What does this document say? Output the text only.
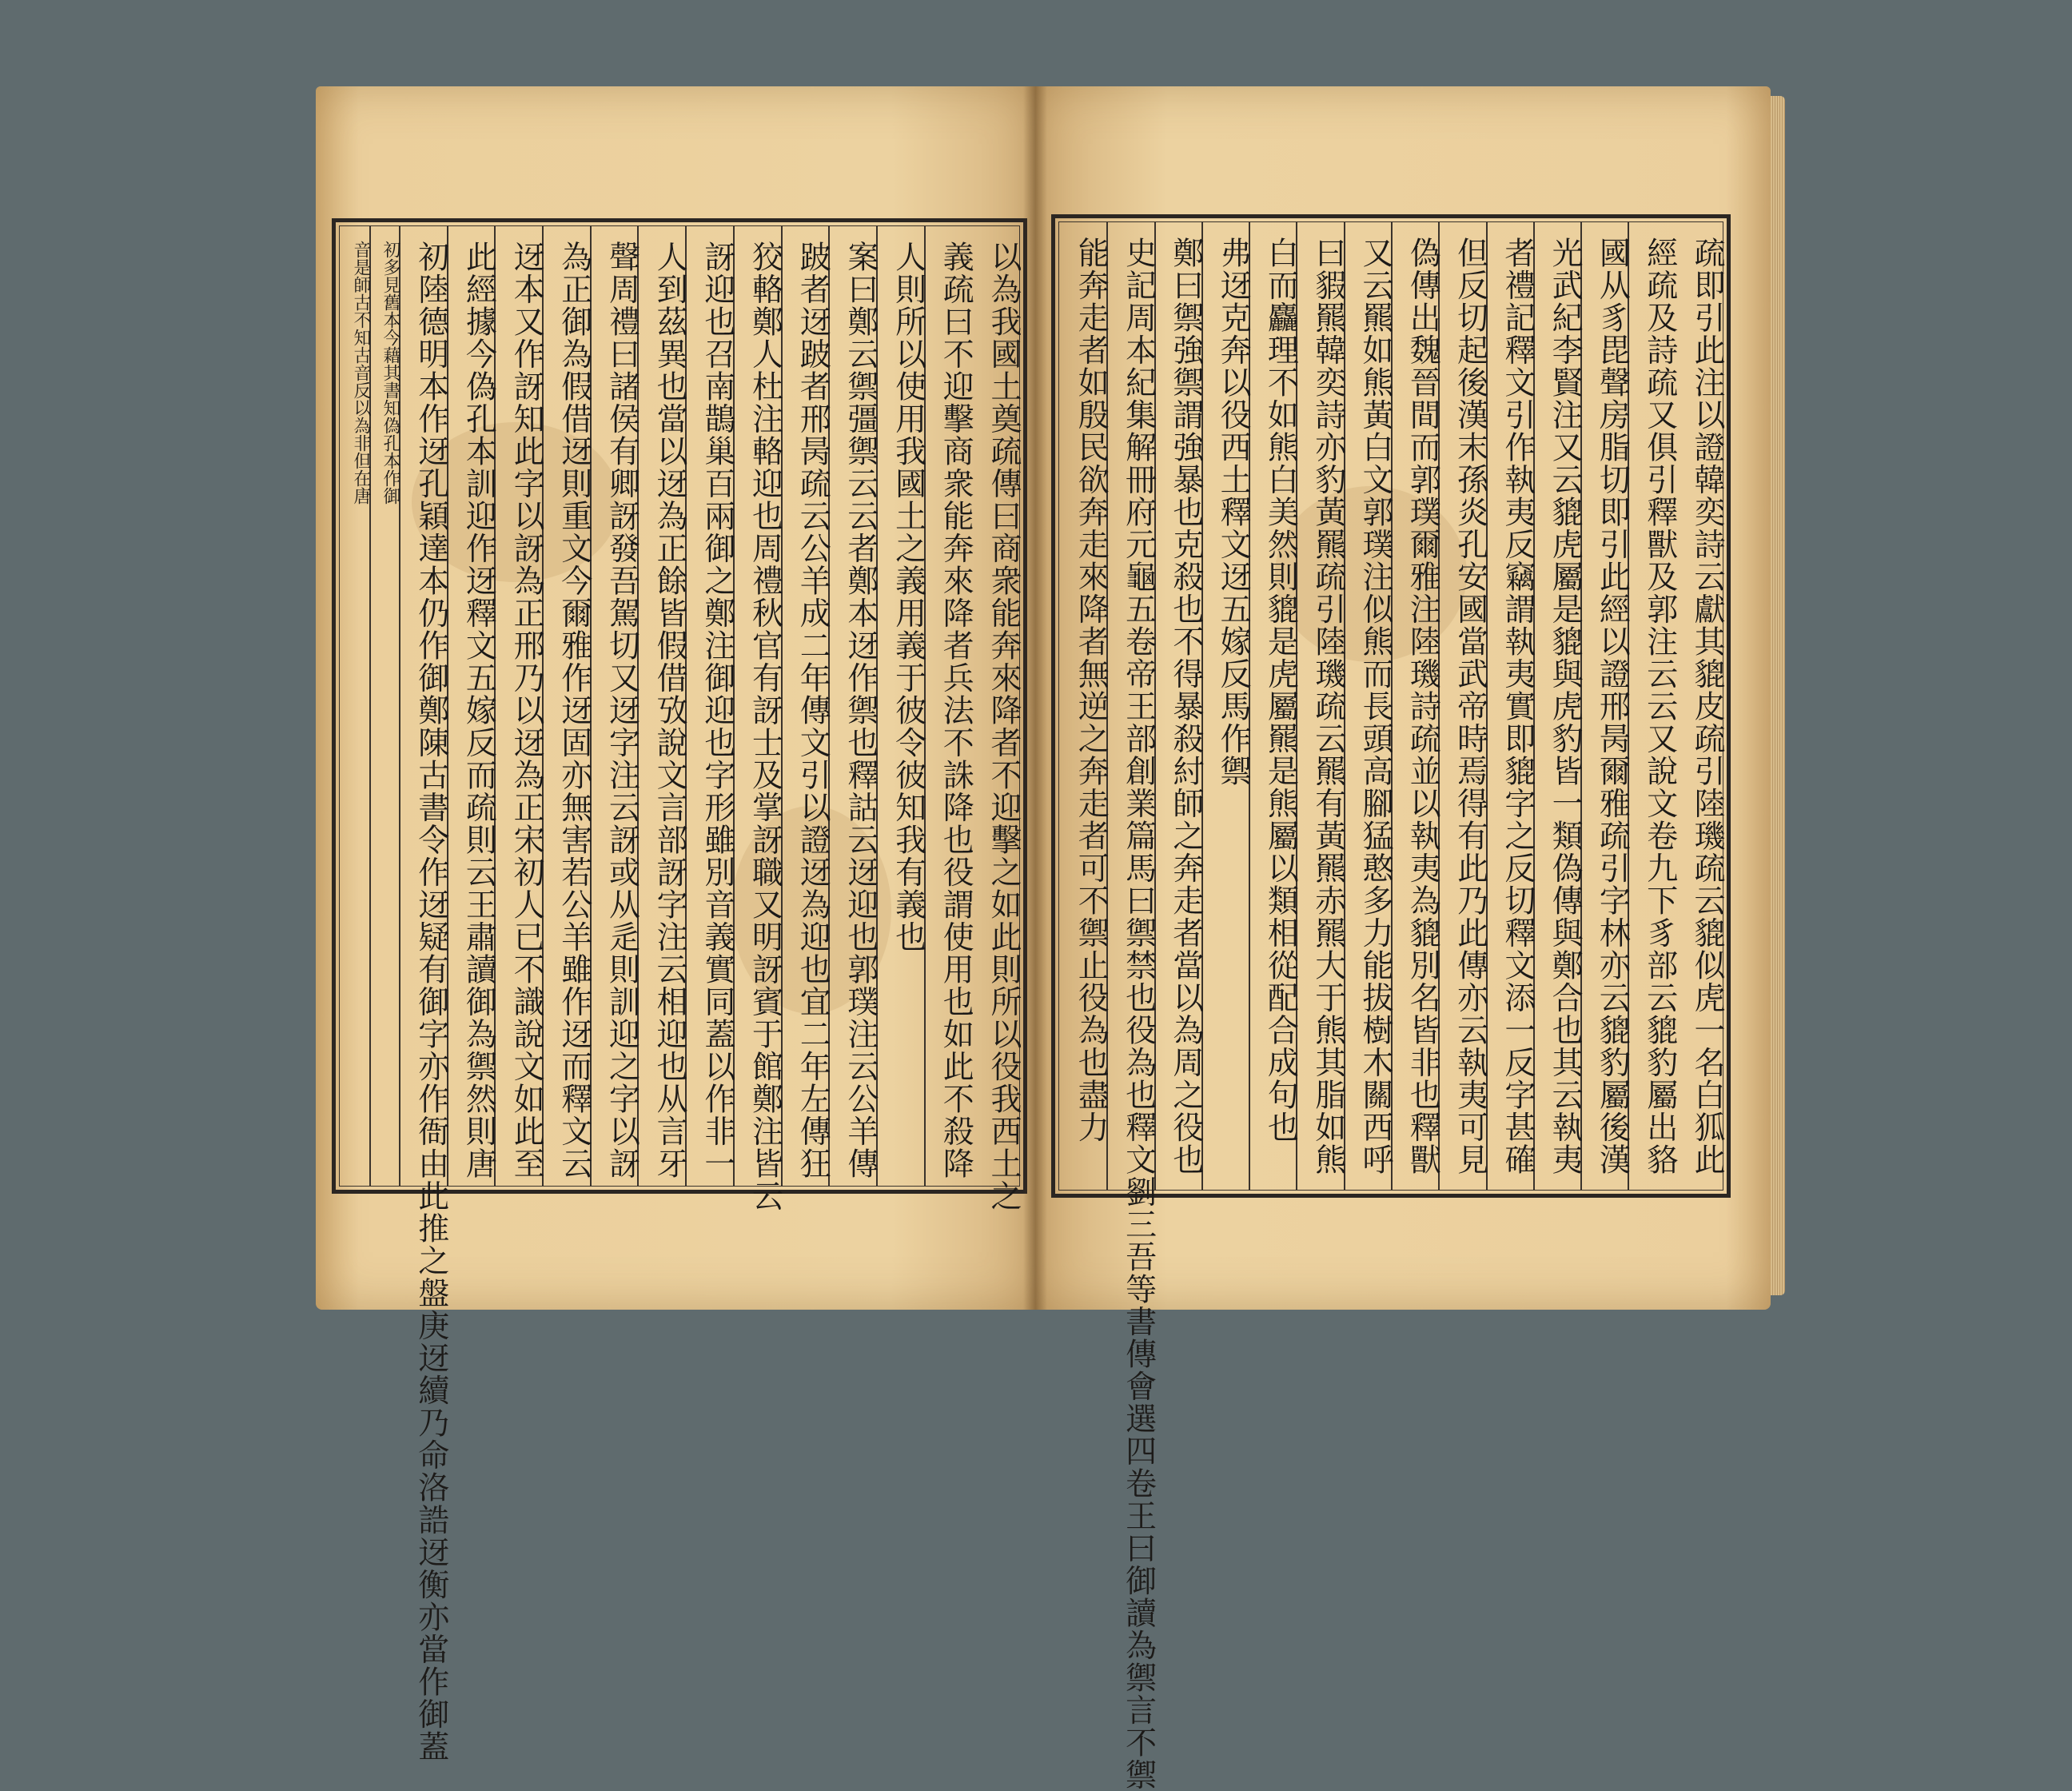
以為我國土奠疏傳曰商衆能奔來降者不迎擊之如此則所以役我西土之
義疏曰不迎擊商衆能奔來降者兵法不誅降也役謂使用也如此不殺降
人則所以使用我國土之義用義于彼令彼知我有義也
案曰鄭云禦彊禦云云者鄭本迓作禦也釋詁云迓迎也郭璞注云公羊傳
跛者迓跛者邢昺疏云公羊成二年傳文引以證迓為迎也宜二年左傳狂
狡輅鄭人杜注輅迎也周禮秋官有訝士及掌訝職又明訝賓于館鄭注皆云
訝迎也召南鵲巢百兩御之鄭注御迎也字形雖別音義實同蓋以作非一
人到茲異也當以迓為正餘皆假借攷說文言部訝字注云相迎也从言牙
聲周禮曰諸侯有卿訝發吾駕切又迓字注云訝或从辵則訓迎之字以訝
為正御為假借迓則重文今爾雅作迓固亦無害若公羊雖作迓而釋文云
迓本又作訝知此字以訝為正邢乃以迓為正宋初人已不識說文如此至
此經據今偽孔本訓迎作迓釋文五嫁反而疏則云王肅讀御為禦然則唐
初陸德明本作迓孔穎達本仍作御鄭陳古書令作迓疑有御字亦作衙由此推之盤庚迓續乃命洛誥迓衡亦當作御蓋
初多見舊本今藉其書知偽孔本作御
音是師古不知古音反以為非但在唐	疏即引此注以證韓奕詩云獻其貔皮疏引陸璣疏云貔似虎一名白狐此
經疏及詩疏又俱引釋獸及郭注云云又說文卷九下豸部云貔豹屬出貉
國从豸毘聲房脂切即引此經以證邢昺爾雅疏引字林亦云貔豹屬後漢
光武紀李賢注又云貔虎屬是貔與虎豹皆一類偽傳與鄭合也其云執夷
者禮記釋文引作執夷反竊謂執夷實即貔字之反切釋文添一反字甚確
但反切起後漢末孫炎孔安國當武帝時焉得有此乃此傳亦云執夷可見
偽傳出魏晉間而郭璞爾雅注陸璣詩疏並以執夷為貔別名皆非也釋獸
又云羆如熊黃白文郭璞注似熊而長頭高腳猛憨多力能拔樹木關西呼
曰貑羆韓奕詩亦豹黃羆疏引陸璣疏云羆有黃羆赤羆大于熊其脂如熊
白而麤理不如熊白美然則貔是虎屬羆是熊屬以類相從配合成句也
弗迓克奔以役西土釋文迓五嫁反馬作禦
鄭曰禦強禦謂強暴也克殺也不得暴殺紂師之奔走者當以為周之役也
史記周本紀集解冊府元龜五卷帝王部創業篇馬曰禦禁也役為也釋文劉三吾等書傳會選四卷王曰御讀為禦言不禦
能奔走者如殷民欲奔走來降者無逆之奔走者可不禦止役為也盡力
